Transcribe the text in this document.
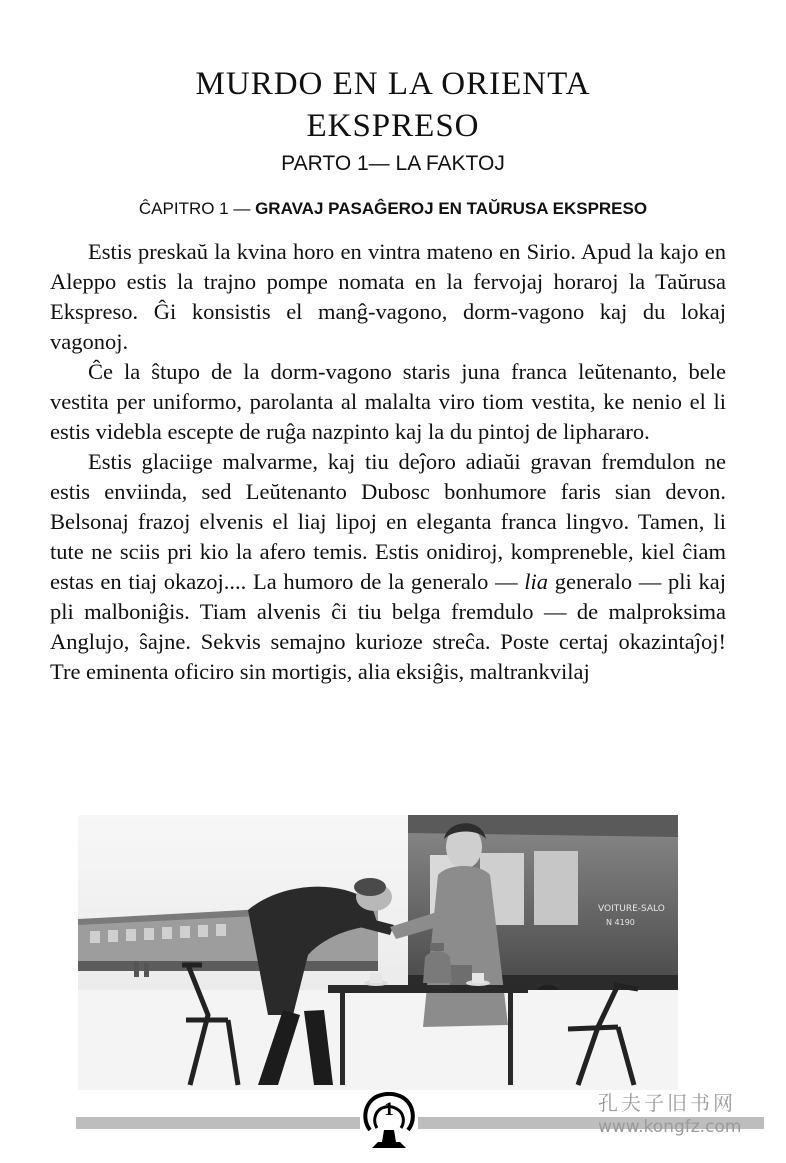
MURDO EN LA ORIENTA
EKSPRESO
PARTO 1— LA FAKTOJ
ĈAPITRO 1 — GRAVAJ PASAĜEROJ EN TAŬRUSA EKSPRESO

Estis preskaŭ la kvina horo en vintra mateno en Sirio. Apud la kajo en Aleppo estis la trajno pompe nomata en la fervojaj horaroj la Taŭrusa Ekspreso. Ĝi konsistis el manĝ-vagono, dorm-vagono kaj du lokaj vagonoj.

Ĉe la ŝtupo de la dorm-vagono staris juna franca leŭtenanto, bele vestita per uniformo, parolanta al malalta viro tiom vestita, ke nenio el li estis videbla escepte de ruĝa nazpinto kaj la du pintoj de liphararo.

Estis glaciige malvarme, kaj tiu deĵoro adiaŭi gravan fremdulon ne estis enviinda, sed Leŭtenanto Dubosc bonhumore faris sian devon. Belsonaj frazoj elvenis el liaj lipoj en eleganta franca lingvo. Tamen, li tute ne sciis pri kio la afero temis. Estis onidiroj, kompreneble, kiel ĉiam estas en tiaj okazoj.... La humoro de la generalo — lia generalo — pli kaj pli malboniĝis. Tiam alvenis ĉi tiu belga fremdulo — de malproksima Anglujo, ŝajne. Sekvis semajno kurioze streĉa. Poste certaj okazintaĵoj! Tre eminenta oficiro sin mortigis, alia eksiĝis, maltrankvilaj

VOITURE-SALO
N 4190
1	孔夫子旧书网
www.kongfz.com
